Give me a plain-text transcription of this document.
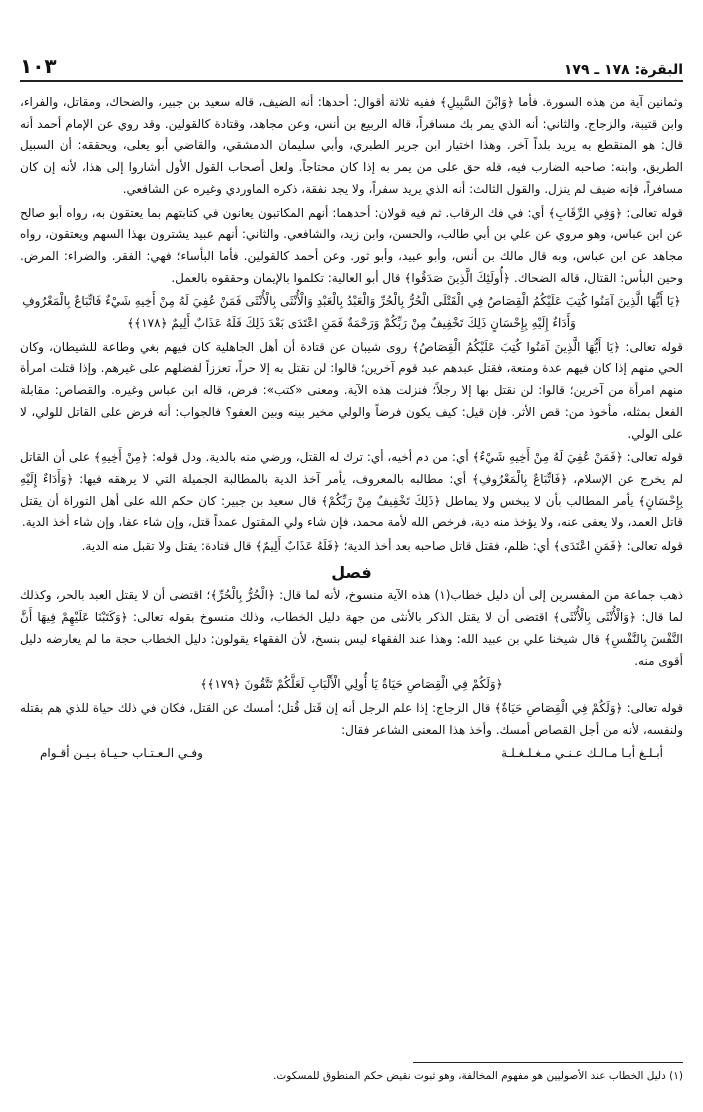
البقرة: ١٧٨ ـ ١٧٩
١٠٣

وثمانين آية من هذه السورة. فأما ﴿وَابْنَ السَّبِيلِ﴾ ففيه ثلاثة أقوال: أحدها: أنه الضيف، قاله سعيد بن جبير، والضحاك، ومقاتل، والفراء، وابن قتيبة، والزجاج. والثاني: أنه الذي يمر بك مسافراً، قاله الربيع بن أنس، وعن مجاهد، وقتادة كالقولين. وقد روي عن الإمام أحمد أنه قال: هو المنقطع به يريد بلداً آخر. وهذا اختيار ابن جرير الطبري، وأبي سليمان الدمشقي، والقاضي أبو يعلى، ويحققه: أن السبيل الطريق، وابنه: صاحبه الضارب فيه، فله حق على من يمر به إذا كان محتاجاً. ولعل أصحاب القول الأول أشاروا إلى هذا، لأنه إن كان مسافراً، فإنه ضيف لم ينزل. والقول الثالث: أنه الذي يريد سفراً، ولا يجد نفقة، ذكره الماوردي وغيره عن الشافعي.

قوله تعالى: ﴿وَفِي الرِّقَابِ﴾ أي: في فك الرقاب. ثم فيه قولان: أحدهما: أنهم المكاتبون يعانون في كتابتهم بما يعتقون به، رواه أبو صالح عن ابن عباس، وهو مروي عن علي بن أبي طالب، والحسن، وابن زيد، والشافعي. والثاني: أنهم عبيد يشترون بهذا السهم ويعتقون، رواه مجاهد عن ابن عباس، وبه قال مالك بن أنس، وأبو عبيد، وأبو ثور. وعن أحمد كالقولين. فأما البأساء؛ فهي: الفقر. والضراء: المرض. وحين البأس: القتال، قاله الضحاك. ﴿أُولَئِكَ الَّذِينَ صَدَقُوا﴾ قال أبو العالية: تكلموا بالإيمان وحققوه بالعمل.

﴿يَا أَيُّهَا الَّذِينَ آمَنُوا كُتِبَ عَلَيْكُمُ الْقِصَاصُ فِي الْقَتْلَى الْحُرُّ بِالْحُرِّ وَالْعَبْدُ بِالْعَبْدِ وَالْأُنْثَى بِالْأُنْثَى فَمَنْ عُفِيَ لَهُ مِنْ أَخِيهِ شَيْءٌ فَاتِّبَاعٌ بِالْمَعْرُوفِ وَأَدَاءٌ إِلَيْهِ بِإِحْسَانٍ ذَلِكَ تَخْفِيفٌ مِنْ رَبِّكُمْ وَرَحْمَةٌ فَمَنِ اعْتَدَى بَعْدَ ذَلِكَ فَلَهُ عَذَابٌ أَلِيمٌ ﴿١٧٨﴾﴾

قوله تعالى: ﴿يَا أَيُّهَا الَّذِينَ آمَنُوا كُتِبَ عَلَيْكُمُ الْقِصَاصُ﴾ روى شيبان عن قتادة أن أهل الجاهلية كان فيهم بغي وطاعة للشيطان، وكان الحي منهم إذا كان فيهم عدة ومنعة، فقتل عبدهم عبد قوم آخرين؛ قالوا: لن نقتل به إلا حراً، تعززاً لفضلهم على غيرهم. وإذا قتلت امرأة منهم امرأة من آخرين؛ قالوا: لن نقتل بها إلا رجلاً؛ فنزلت هذه الآية. ومعنى «كتب»: فرض، قاله ابن عباس وغيره. والقصاص: مقابلة الفعل بمثله، مأخوذ من: قص الأثر. فإن قيل: كيف يكون فرضاً والولي مخير بينه وبين العفو؟ فالجواب: أنه فرض على القاتل للولي، لا على الولي.

قوله تعالى: ﴿فَمَنْ عُفِيَ لَهُ مِنْ أَخِيهِ شَيْءٌ﴾ أي: من دم أخيه، أي: ترك له القتل، ورضي منه بالدية. ودل قوله: ﴿مِنْ أَخِيهِ﴾ على أن القاتل لم يخرج عن الإسلام، ﴿فَاتِّبَاعٌ بِالْمَعْرُوفِ﴾ أي: مطالبه بالمعروف، يأمر آخذ الدية بالمطالبة الجميلة التي لا يرهقه فيها: ﴿وَأَدَاءٌ إِلَيْهِ بِإِحْسَانٍ﴾ يأمر المطالب بأن لا يبخس ولا يماطل ﴿ذَلِكَ تَخْفِيفٌ مِنْ رَبِّكُمْ﴾ قال سعيد بن جبير: كان حكم الله على أهل التوراة أن يقتل قاتل العمد، ولا يعفى عنه، ولا يؤخذ منه دية، فرخص الله لأمة محمد، فإن شاء ولي المقتول عمداً قتل، وإن شاء عفا، وإن شاء أخذ الدية.

قوله تعالى: ﴿فَمَنِ اعْتَدَى﴾ أي: ظلم، فقتل قاتل صاحبه بعد أخذ الدية؛ ﴿فَلَهُ عَذَابٌ أَلِيمٌ﴾ قال قتادة: يقتل ولا تقبل منه الدية.

فصل

ذهب جماعة من المفسرين إلى أن دليل خطاب(١) هذه الآية منسوخ، لأنه لما قال: ﴿الْحُرُّ بِالْحُرِّ﴾؛ اقتضى أن لا يقتل العبد بالحر، وكذلك لما قال: ﴿وَالْأُنْثَى بِالْأُنْثَى﴾ اقتضى أن لا يقتل الذكر بالأنثى من جهة دليل الخطاب، وذلك منسوخ بقوله تعالى: ﴿وَكَتَبْنَا عَلَيْهِمْ فِيهَا أَنَّ النَّفْسَ بِالنَّفْسِ﴾ قال شيخنا علي بن عبيد الله: وهذا عند الفقهاء ليس بنسخ، لأن الفقهاء يقولون: دليل الخطاب حجة ما لم يعارضه دليل أقوى منه.

﴿وَلَكُمْ فِي الْقِصَاصِ حَيَاةٌ يَا أُولِي الْأَلْبَابِ لَعَلَّكُمْ تَتَّقُونَ ﴿١٧٩﴾﴾

قوله تعالى: ﴿وَلَكُمْ فِي الْقِصَاصِ حَيَاةٌ﴾ قال الزجاج: إذا علم الرجل أنه إن قَتل قُتل؛ أمسك عن القتل، فكان في ذلك حياة للذي هم بقتله ولنفسه، لأنه من أجل القصاص أمسك. وأخذ هذا المعنى الشاعر فقال:

أبـلـغ أبـا مـالـك عـنـي مـغـلـغـلـة
وفـي الـعـتـاب حـيـاة بـيـن أقـوام
(١) دليل الخطاب عند الأصوليين هو مفهوم المخالفة، وهو ثبوت نقيض حكم المنطوق للمسكوت.
